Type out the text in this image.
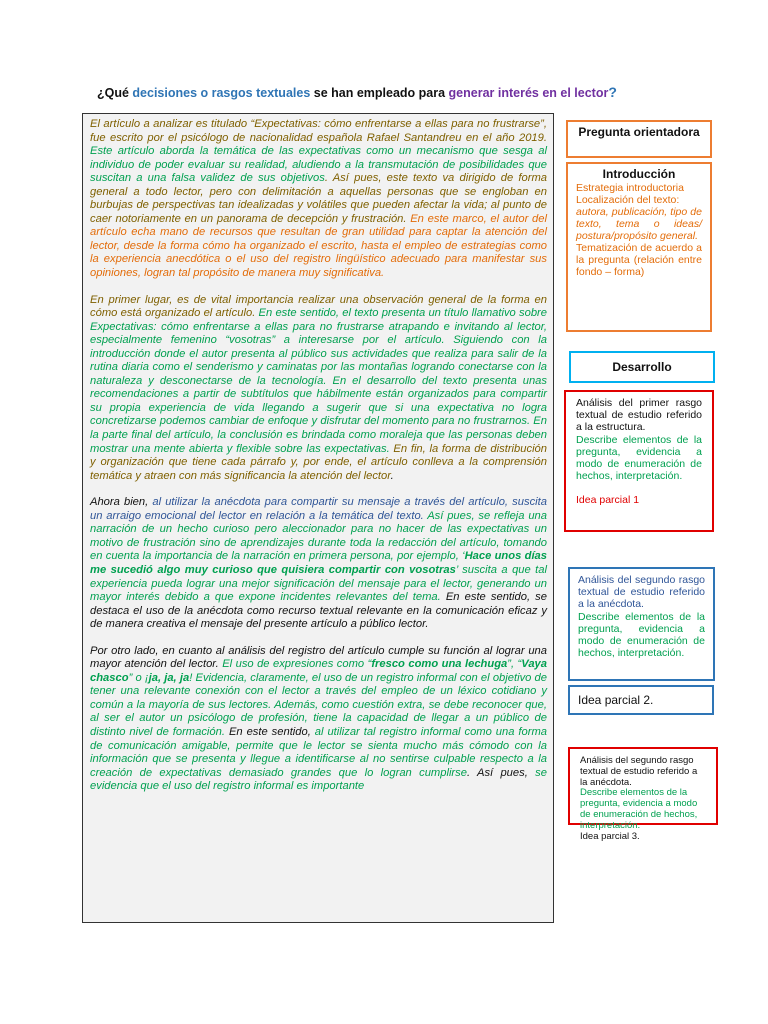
¿Qué decisiones o rasgos textuales se han empleado para generar interés en el lector?

El artículo a analizar es titulado “Expectativas: cómo enfrentarse a ellas para no frustrarse”, fue escrito por el psicólogo de nacionalidad española Rafael Santandreu en el año 2019. Este artículo aborda la temática de las expectativas como un mecanismo que sesga al individuo de poder evaluar su realidad, aludiendo a la transmutación de posibilidades que suscitan a una falsa validez de sus objetivos. Así pues, este texto va dirigido de forma general a todo lector, pero con delimitación a aquellas personas que se engloban en burbujas de perspectivas tan idealizadas y volátiles que pueden afectar la vida; al punto de caer notoriamente en un panorama de decepción y frustración. En este marco, el autor del artículo echa mano de recursos que resultan de gran utilidad para captar la atención del lector, desde la forma cómo ha organizado el escrito, hasta el empleo de estrategias como la experiencia anecdótica o el uso del registro lingüístico adecuado para manifestar sus opiniones, logran tal propósito de manera muy significativa.

En primer lugar, es de vital importancia realizar una observación general de la forma en cómo está organizado el artículo. En este sentido, el texto presenta un título llamativo sobre Expectativas: cómo enfrentarse a ellas para no frustrarse atrapando e invitando al lector, especialmente femenino “vosotras” a interesarse por el artículo. Siguiendo con la introducción donde el autor presenta al público sus actividades que realiza para salir de la rutina diaria como el senderismo y caminatas por las montañas logrando conectarse con la naturaleza y desconectarse de la tecnología. En el desarrollo del texto presenta unas recomendaciones a partir de subtítulos que hábilmente están organizados para compartir su propia experiencia de vida llegando a sugerir que si una expectativa no logra concretizarse podemos cambiar de enfoque y disfrutar del momento para no frustrarnos. En la parte final del artículo, la conclusión es brindada como moraleja que las personas deben mostrar una mente abierta y flexible sobre las expectativas. En fin, la forma de distribución y organización que tiene cada párrafo y, por ende, el artículo conlleva a la comprensión temática y atraen con más significancia la atención del lector.

Ahora bien, al utilizar la anécdota para compartir su mensaje a través del artículo, suscita un arraigo emocional del lector en relación a la temática del texto. Así pues, se refleja una narración de un hecho curioso pero aleccionador para no hacer de las expectativas un motivo de frustración sino de aprendizajes durante toda la redacción del artículo, tomando en cuenta la importancia de la narración en primera persona, por ejemplo, ‘Hace unos días me sucedió algo muy curioso que quisiera compartir con vosotras’ suscita a que tal experiencia pueda lograr una mejor significación del mensaje para el lector, generando un mayor interés debido a que expone incidentes relevantes del tema. En este sentido, se destaca el uso de la anécdota como recurso textual relevante en la comunicación eficaz y de manera creativa el mensaje del presente artículo a público lector.

Por otro lado, en cuanto al análisis del registro del artículo cumple su función al lograr una mayor atención del lector. El uso de expresiones como “fresco como una lechuga”, “Vaya chasco” o ¡ja, ja, ja! Evidencia, claramente, el uso de un registro informal con el objetivo de tener una relevante conexión con el lector a través del empleo de un léxico cotidiano y común a la mayoría de sus lectores. Además, como cuestión extra, se debe reconocer que, al ser el autor un psicólogo de profesión, tiene la capacidad de llegar a un público de distinto nivel de formación. En este sentido, al utilizar tal registro informal como una forma de comunicación amigable, permite que le lector se sienta mucho más cómodo con la información que se presenta y llegue a identificarse al no sentirse culpable respecto a la creación de expectativas demasiado grandes que lo logran cumplirse. Así pues, se evidencia que el uso del registro informal es importante

Pregunta orientadora
Introducción
Estrategia introductoria
Localización del texto:
autora, publicación, tipo de texto, tema o ideas/ postura/propósito general.
Tematización de acuerdo a la pregunta (relación entre fondo – forma)
Desarrollo
Análisis del primer rasgo textual de estudio referido a la estructura.
Describe elementos de la pregunta, evidencia a modo de enumeración de hechos, interpretación.
Idea parcial 1
Análisis del segundo rasgo textual de estudio referido a la anécdota.
Describe elementos de la pregunta, evidencia a modo de enumeración de hechos, interpretación.
Idea parcial 2.
Análisis del segundo rasgo textual de estudio referido a la anécdota.
Describe elementos de la pregunta, evidencia a modo de enumeración de hechos, interpretación.
Idea parcial 3.
